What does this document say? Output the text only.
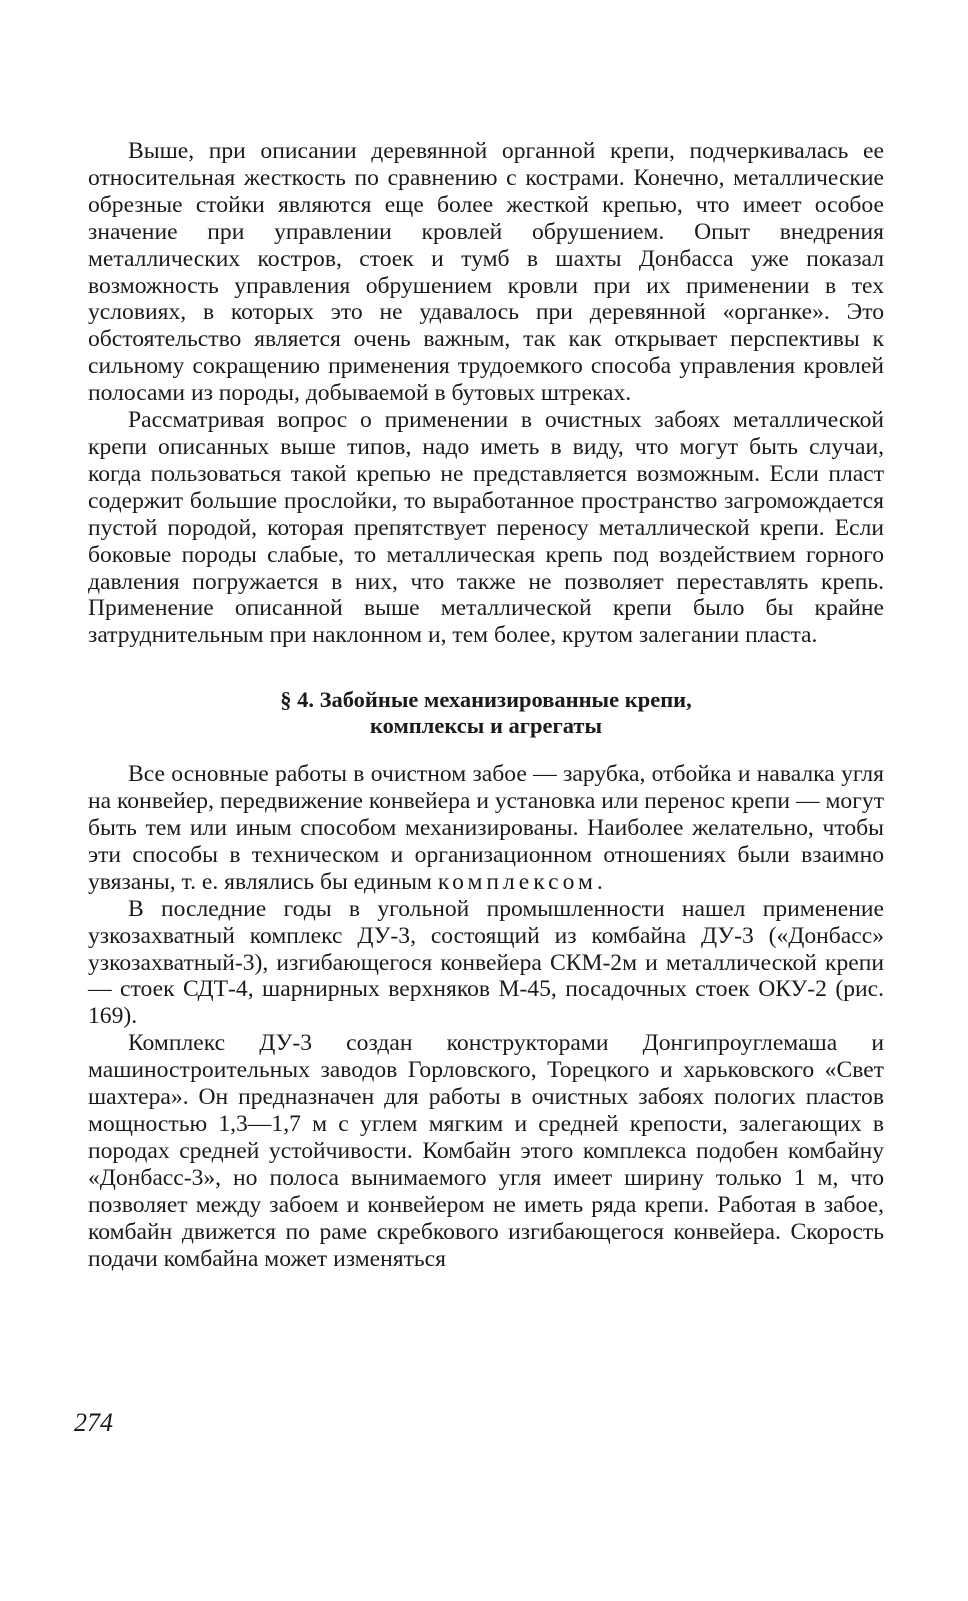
Выше, при описании деревянной органной крепи, подчеркивалась ее относительная жесткость по сравнению с кострами. Конечно, металлические обрезные стойки являются еще более жесткой крепью, что имеет особое значение при управлении кровлей обрушением. Опыт внедрения металлических костров, стоек и тумб в шахты Донбасса уже показал возможность управления обрушением кровли при их применении в тех условиях, в которых это не удавалось при деревянной «органке». Это обстоятельство является очень важным, так как открывает перспективы к сильному сокращению применения трудоемкого способа управления кровлей полосами из породы, добываемой в бутовых штреках.

Рассматривая вопрос о применении в очистных забоях металлической крепи описанных выше типов, надо иметь в виду, что могут быть случаи, когда пользоваться такой крепью не представляется возможным. Если пласт содержит большие прослойки, то выработанное пространство загромождается пустой породой, которая препятствует переносу металлической крепи. Если боковые породы слабые, то металлическая крепь под воздействием горного давления погружается в них, что также не позволяет переставлять крепь. Применение описанной выше металлической крепи было бы крайне затруднительным при наклонном и, тем более, крутом залегании пласта.

§ 4. Забойные механизированные крепи,
комплексы и агрегаты

Все основные работы в очистном забое — зарубка, отбойка и навалка угля на конвейер, передвижение конвейера и установка или перенос крепи — могут быть тем или иным способом механизированы. Наиболее желательно, чтобы эти способы в техническом и организационном отношениях были взаимно увязаны, т. е. являлись бы единым комплексом.

В последние годы в угольной промышленности нашел применение узкозахватный комплекс ДУ-3, состоящий из комбайна ДУ-3 («Донбасс» узкозахватный-3), изгибающегося конвейера СКМ-2м и металлической крепи — стоек СДТ-4, шарнирных верхняков М-45, посадочных стоек ОКУ-2 (рис. 169).

Комплекс ДУ-3 создан конструкторами Донгипроуглемаша и машиностроительных заводов Горловского, Торецкого и харьковского «Свет шахтера». Он предназначен для работы в очистных забоях пологих пластов мощностью 1,3—1,7 м с углем мягким и средней крепости, залегающих в породах средней устойчивости. Комбайн этого комплекса подобен комбайну «Донбасс-3», но полоса вынимаемого угля имеет ширину только 1 м, что позволяет между забоем и конвейером не иметь ряда крепи. Работая в забое, комбайн движется по раме скребкового изгибающегося конвейера. Скорость подачи комбайна может изменяться

274
